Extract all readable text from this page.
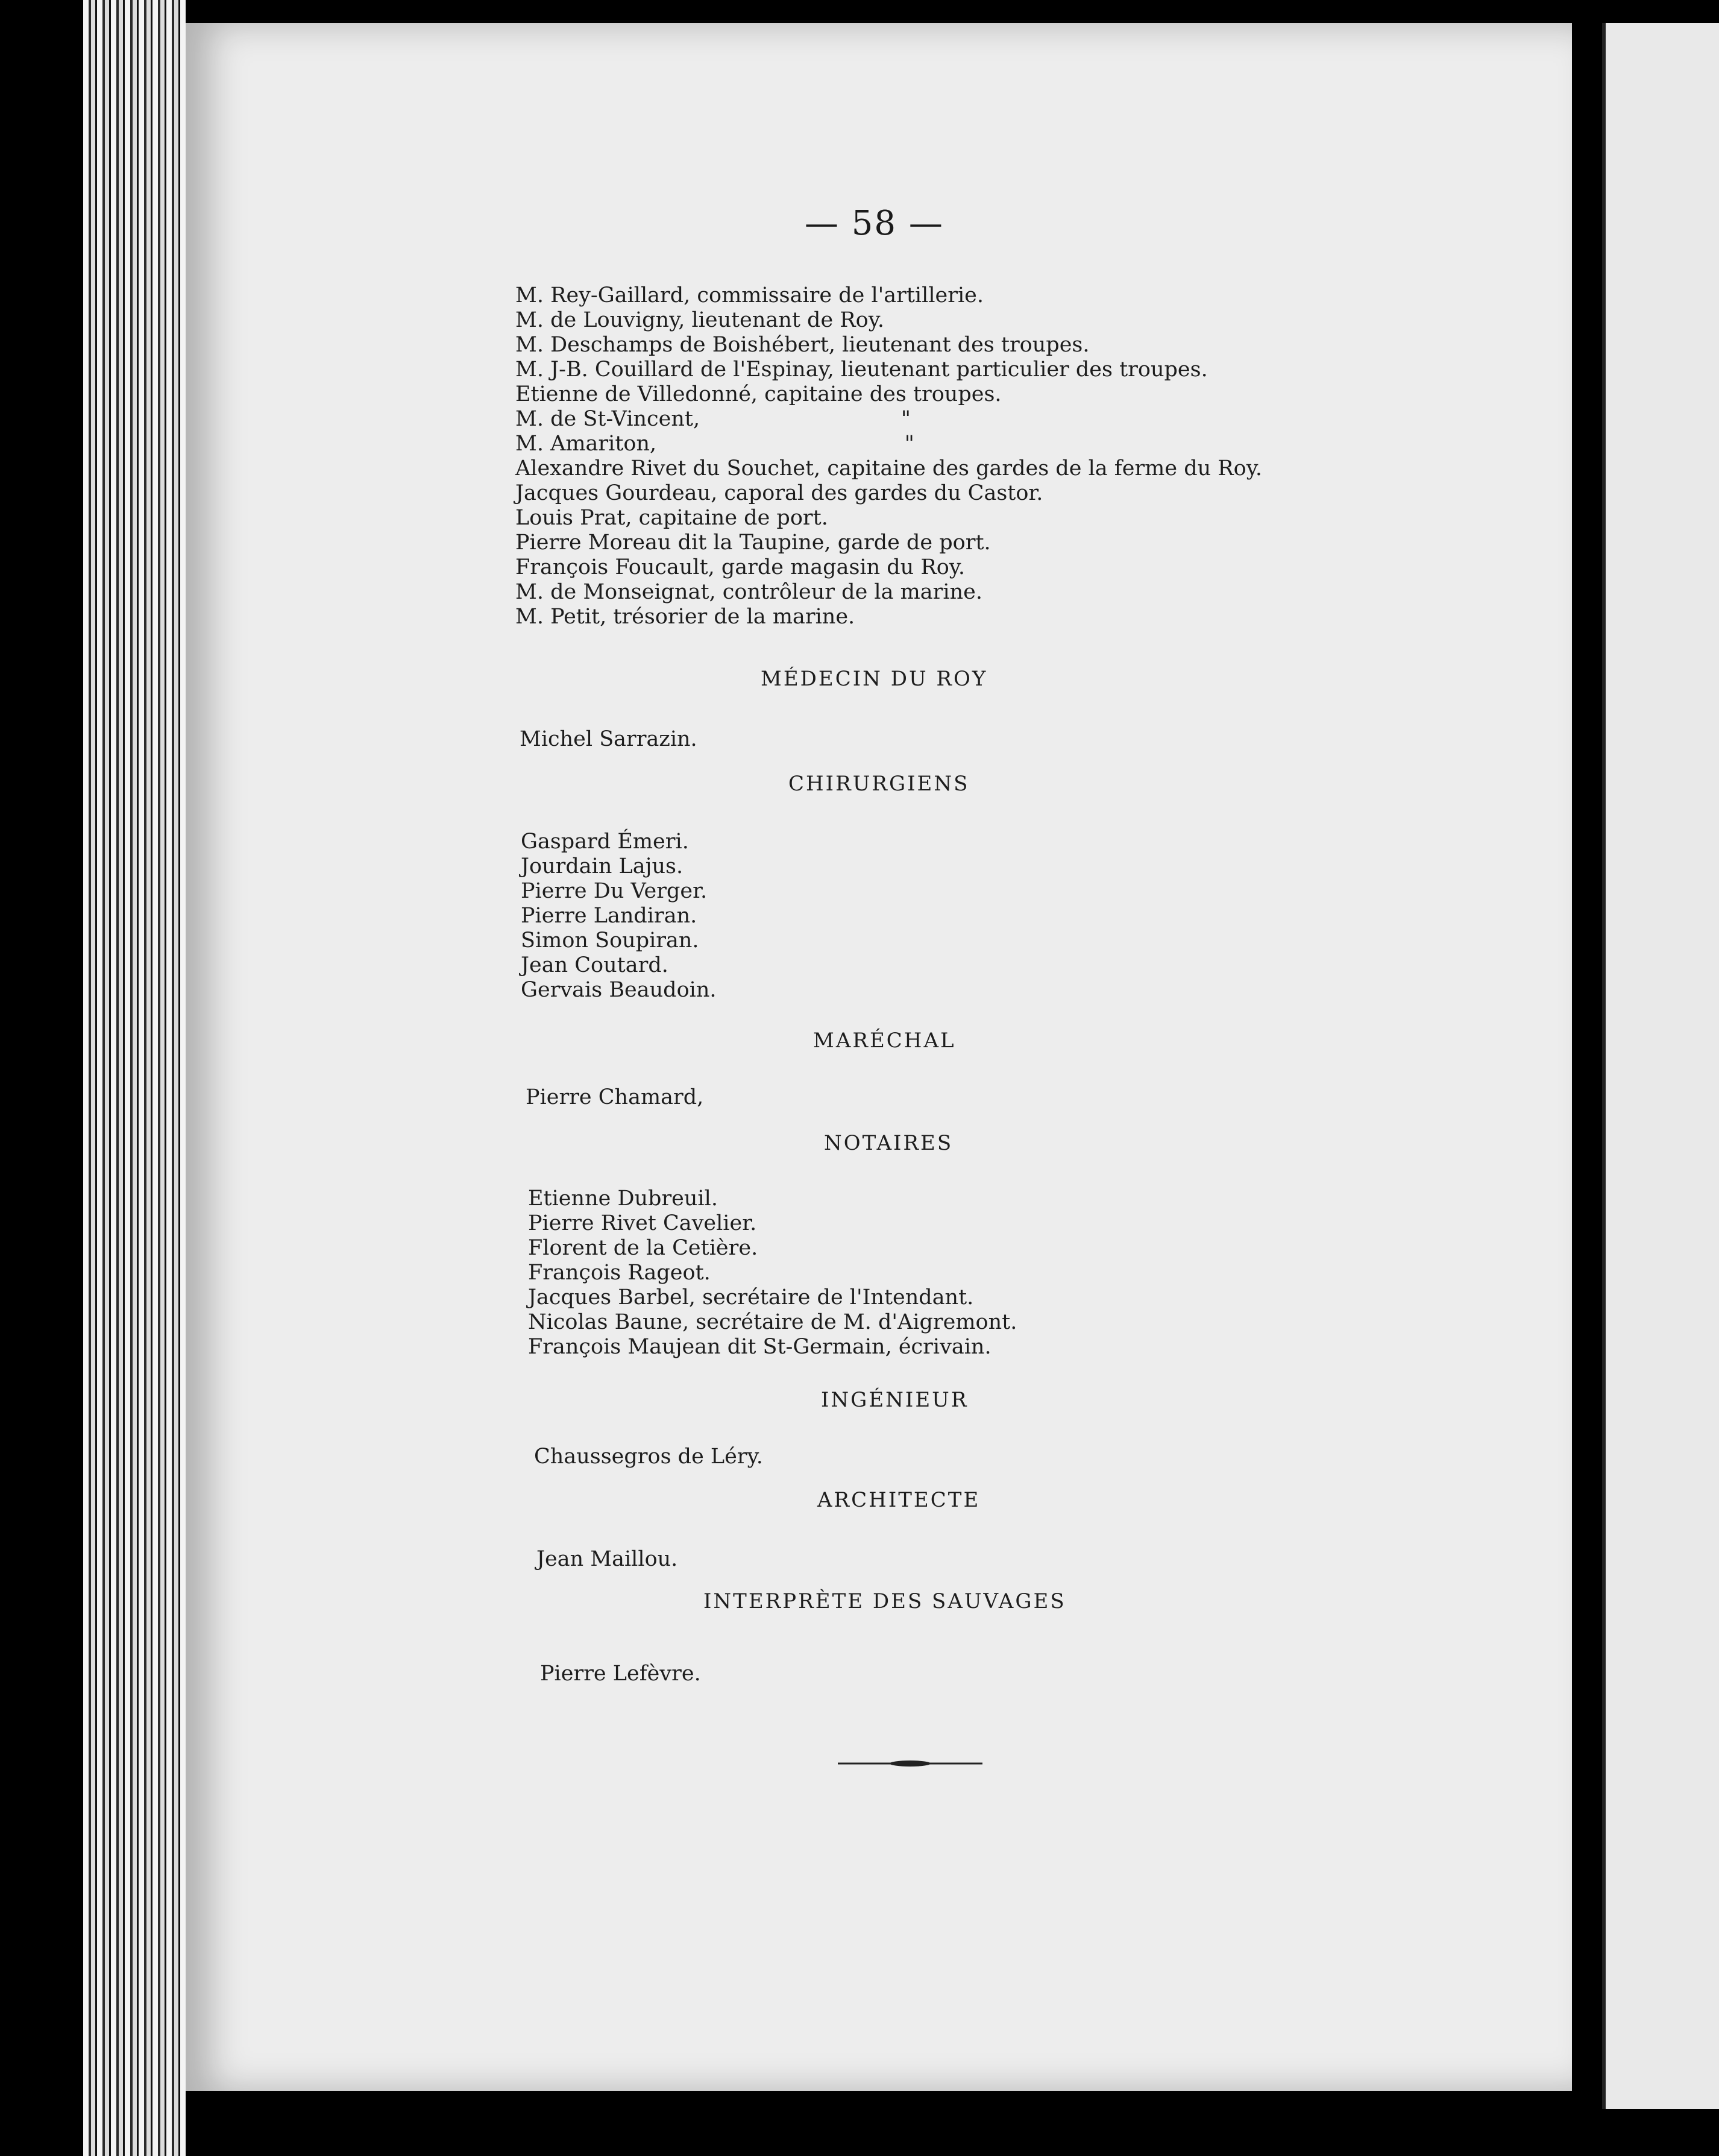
— 58 —
M. Rey-Gaillard, commissaire de l'artillerie.
M. de Louvigny, lieutenant de Roy.
M. Deschamps de Boishébert, lieutenant des troupes.
M. J-B. Couillard de l'Espinay, lieutenant particulier des troupes.
Etienne de Villedonné, capitaine des troupes.
M. de St-Vincent,                              "
M. Amariton,                                     "
Alexandre Rivet du Souchet, capitaine des gardes de la ferme du Roy.
Jacques Gourdeau, caporal des gardes du Castor.
Louis Prat, capitaine de port.
Pierre Moreau dit la Taupine, garde de port.
François Foucault, garde magasin du Roy.
M. de Monseignat, contrôleur de la marine.
M. Petit, trésorier de la marine.
MÉDECIN DU ROY
Michel Sarrazin.
CHIRURGIENS
Gaspard Émeri.
Jourdain Lajus.
Pierre Du Verger.
Pierre Landiran.
Simon Soupiran.
Jean Coutard.
Gervais Beaudoin.
MARÉCHAL
Pierre Chamard,
NOTAIRES
Etienne Dubreuil.
Pierre Rivet Cavelier.
Florent de la Cetière.
François Rageot.
Jacques Barbel, secrétaire de l'Intendant.
Nicolas Baune, secrétaire de M. d'Aigremont.
François Maujean dit St-Germain, écrivain.
INGÉNIEUR
Chaussegros de Léry.
ARCHITECTE
Jean Maillou.
INTERPRÈTE DES SAUVAGES
Pierre Lefèvre.
